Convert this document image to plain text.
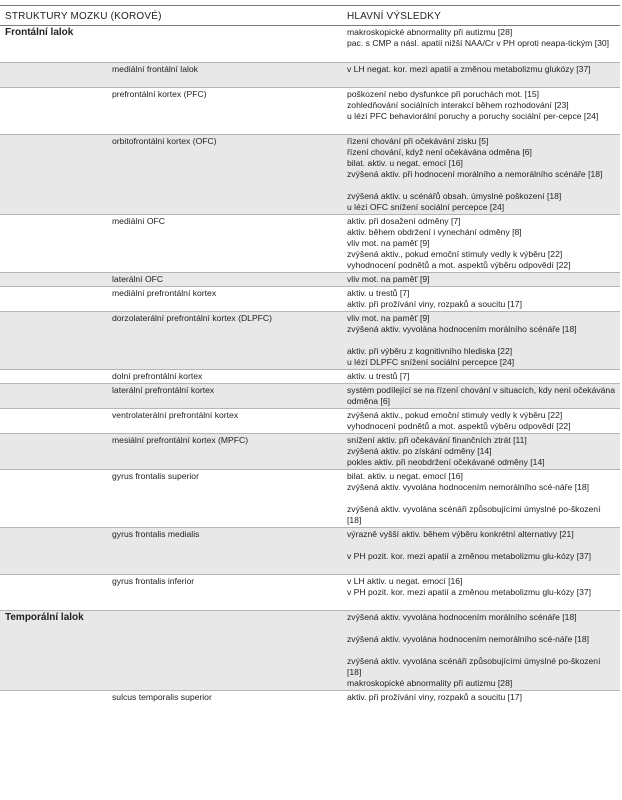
STRUKTURY MOZKU (KOROVÉ)	HLAVNÍ VÝSLEDKY
Frontální lalok	makroskopické abnormality při autizmu [28]
pac. s CMP a násl. apatií nižší NAA/Cr v PH oproti neapa-tickým [30]
mediální frontální lalok	v LH negat. kor. mezi apatií a změnou metabolizmu glukózy [37]
prefrontální kortex (PFC)	poškození nebo dysfunkce při poruchách mot. [15]
zohledňování sociálních interakcí během rozhodování [23]
u lézí PFC behaviorální poruchy a poruchy sociální per-cepce [24]
orbitofrontální kortex (OFC)	řízení chování při očekávání zisku [5]
řízení chování, když není očekávána odměna [6]
bilat. aktiv. u negat. emocí [16]
zvýšená aktiv. při hodnocení morálního a nemorálního scénáře [18]
zvýšená aktiv. u scénářů obsah. úmyslné poškození [18]
u lézí OFC snížení sociální percepce [24]
mediální OFC	aktiv. při dosažení odměny [7]
aktiv. během obdržení i vynechání odměny [8]
vliv mot. na paměť [9]
zvýšená aktiv., pokud emoční stimuly vedly k výběru [22]
vyhodnocení podnětů a mot. aspektů výběru odpovědí [22]
laterální OFC	vliv mot. na paměť [9]
mediální prefrontální kortex	aktiv. u trestů [7]
aktiv. při prožívání viny, rozpaků a soucitu [17]
dorzolaterální prefrontální kortex (DLPFC)	vliv mot. na paměť [9]
zvýšená aktiv. vyvolána hodnocením morálního scénáře [18]
aktiv. při výběru z kognitivního hlediska [22]
u lézí DLPFC snížení sociální percepce [24]
dolní prefrontální kortex	aktiv. u trestů [7]
laterální prefrontální kortex	systém podílející se na řízení chování v situacích, kdy není očekávána odměna [6]
ventrolaterální prefrontální kortex	zvýšená aktiv., pokud emoční stimuly vedly k výběru [22]
vyhodnocení podnětů a mot. aspektů výběru odpovědí [22]
mesiální prefrontální kortex (MPFC)	snížení aktiv. při očekávání finančních ztrát [11]
zvýšená aktiv. po získání odměny [14]
pokles aktiv. při neobdržení očekávané odměny [14]
gyrus frontalis superior	bilat. aktiv. u negat. emocí [16]
zvýšená aktiv. vyvolána hodnocením nemorálního scé-náře [18]
zvýšená aktiv. vyvolána scénáři způsobujícími úmyslné po-škození [18]
gyrus frontalis medialis	výrazně vyšší aktiv. během výběru konkrétní alternativy [21]
v PH pozit. kor. mezi apatií a změnou metabolizmu glu-kózy [37]
gyrus frontalis inferior	v LH aktiv. u negat. emocí [16]
v PH pozit. kor. mezi apatií a změnou metabolizmu glu-kózy [37]
Temporální lalok	zvýšená aktiv. vyvolána hodnocením morálního scénáře [18]
zvýšená aktiv. vyvolána hodnocením nemorálního scé-náře [18]
zvýšená aktiv. vyvolána scénáři způsobujícími úmyslné po-škození [18]
makroskopické abnormality při autizmu [28]
sulcus temporalis superior	aktiv. při prožívání viny, rozpaků a soucitu [17]
